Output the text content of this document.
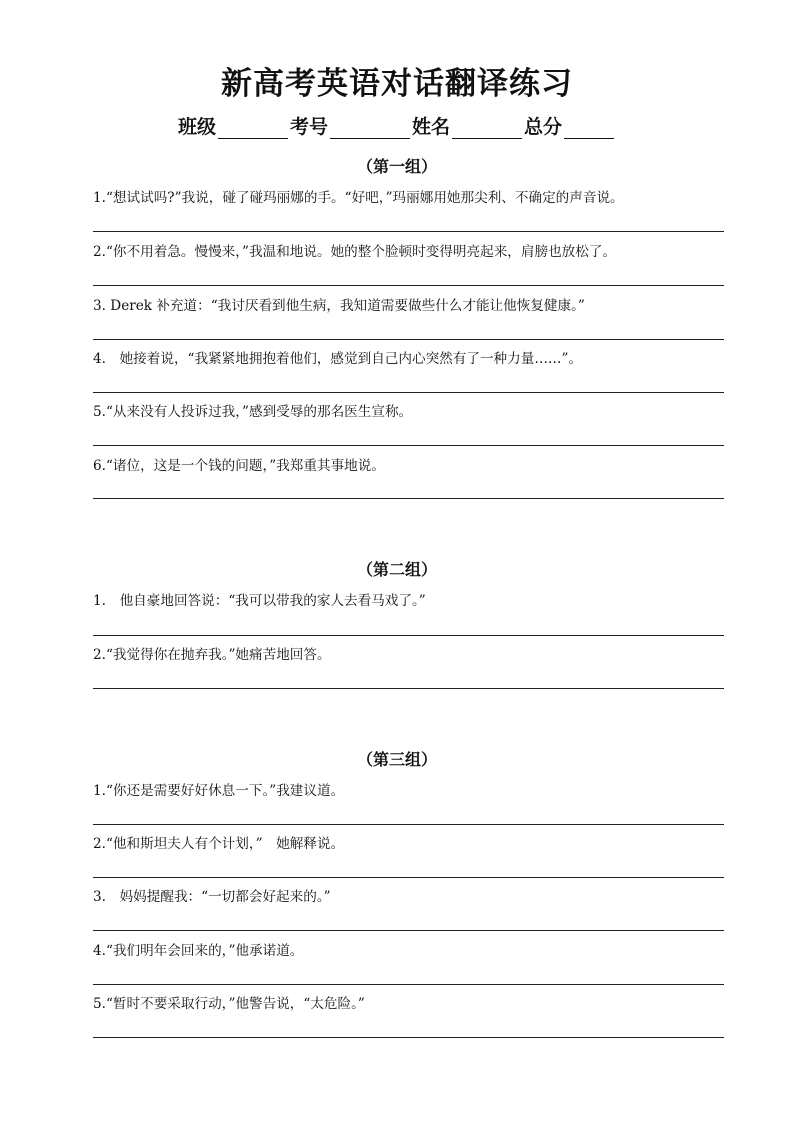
新高考英语对话翻译练习
班级	考号	姓名	总分
（第一组）
1.“想试试吗?”我说，碰了碰玛丽娜的手。“好吧，”玛丽娜用她那尖利、不确定的声音说。
2.“你不用着急。慢慢来，”我温和地说。她的整个脸顿时变得明亮起来，肩膀也放松了。
3. Derek 补充道：“我讨厌看到他生病，我知道需要做些什么才能让他恢复健康。”
4.　她接着说，“我紧紧地拥抱着他们，感觉到自己内心突然有了一种力量……”。
5.“从来没有人投诉过我，”感到受辱的那名医生宣称。
6.“诸位，这是一个钱的问题，”我郑重其事地说。
（第二组）
1.　他自豪地回答说：“我可以带我的家人去看马戏了。”
2.“我觉得你在抛弃我。”她痛苦地回答。
（第三组）
1.“你还是需要好好休息一下。”我建议道。
2.“他和斯坦夫人有个计划，”　她解释说。
3.　妈妈提醒我：“一切都会好起来的。”
4.“我们明年会回来的，”他承诺道。
5.“暂时不要采取行动，”他警告说，“太危险。”
